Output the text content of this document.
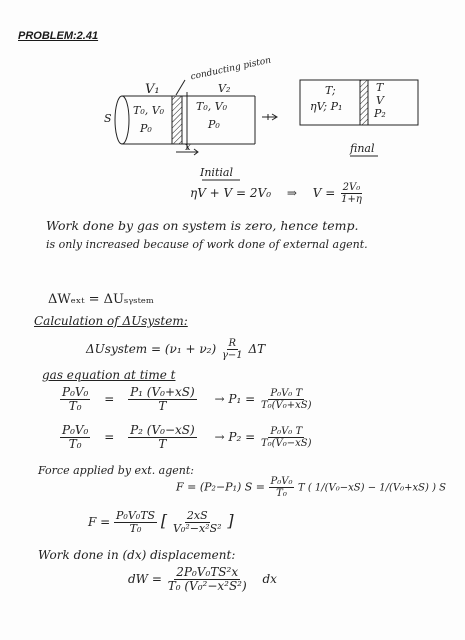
PROBLEM:2.41
S
V₁	V₂
conducting piston
T₀, V₀
P₀
T₀, V₀
P₀
x
Initial
final
T;
ηV; P₁
T
V
P₂
ηV + V = 2V₀ ⇒ $V = \frac{\text{2V₀}}{1+\eta}$
Work done by gas on system is zero, hence temp.
is only increased because of work done of external agent.
ΔWₑₓₜ = ΔUₛᵧₛₜₑₘ
Calculation of ΔUsystem:
ΔUsystem = $(\nu_1 + \nu_2) \frac{R}{\gamma-1}$ ΔT
gas equation at time t
$\frac{\text{P₀V₀}}{\text{T₀}} = \frac{\text{P₁ (V₀+xS)}}{T} \to P_1 = \frac{\text{P₀V₀ T}}{\text{T₀(V₀+xS)}}$
$\frac{\text{P₀V₀}}{\text{T₀}} = \frac{\text{P₂ (V₀−xS)}}{T} \to P_2 = \frac{\text{P₀V₀ T}}{\text{T₀(V₀−xS)}}$
Force applied by ext. agent:
F = (P₂−P₁) $S = \frac{\text{P₀V₀}}{\text{T₀}}$ T ( 1/(V₀−xS) − 1/(V₀+xS) ) S
$F = \frac{\text{P₀V₀TS}}{\text{T₀}}$ [ $\frac{2xS}{\text{V₀²−x²S²}}$ ]
Work done in (dx) displacement:
dW = $\frac{\text{2P₀V₀TS²x}}{\text{T₀ (V₀²−x²S²)}}$ dx
